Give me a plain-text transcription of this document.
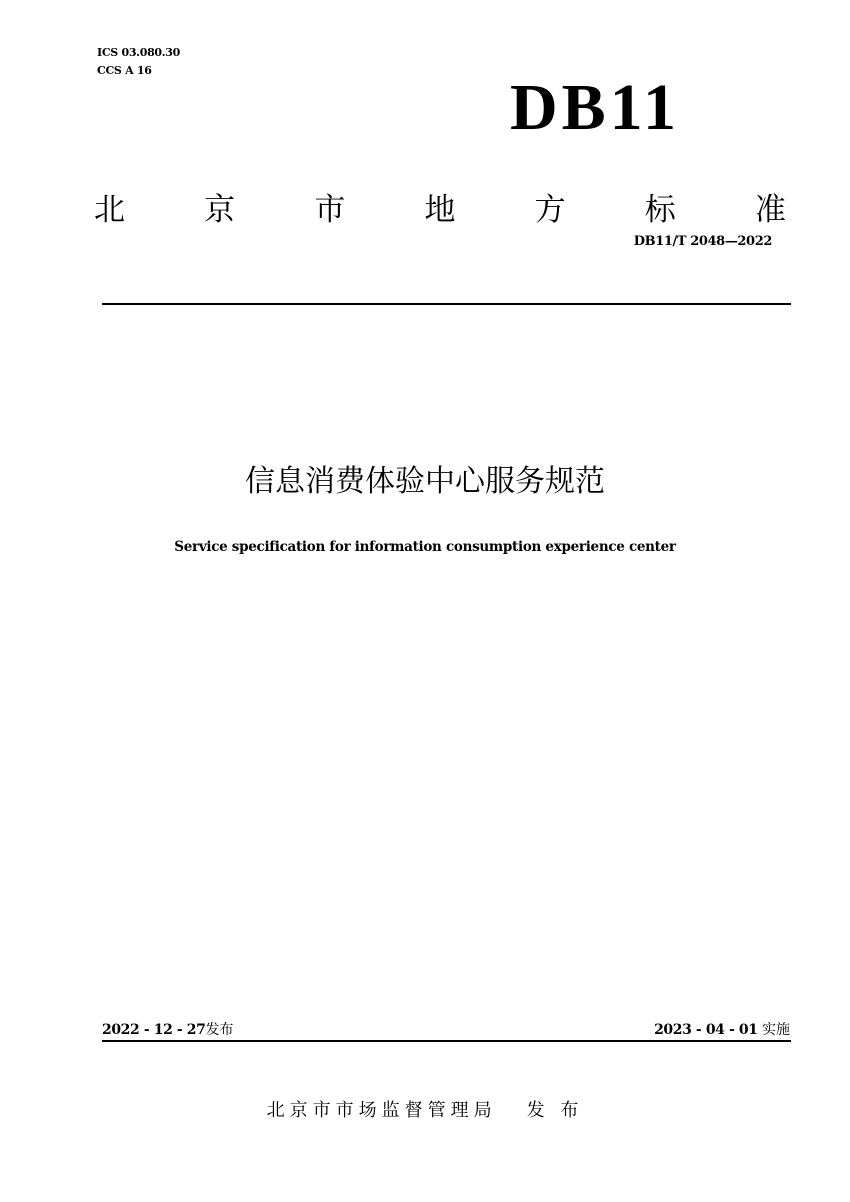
ICS 03.080.30
CCS A 16
DB11
北	京	市	地	方	标	准
DB11/T 2048—2022
信息消费体验中心服务规范
Service specification for information consumption experience center
2022 - 12 - 27发布	2023 - 04 - 01 实施
北京市市场监督管理局 发 布
